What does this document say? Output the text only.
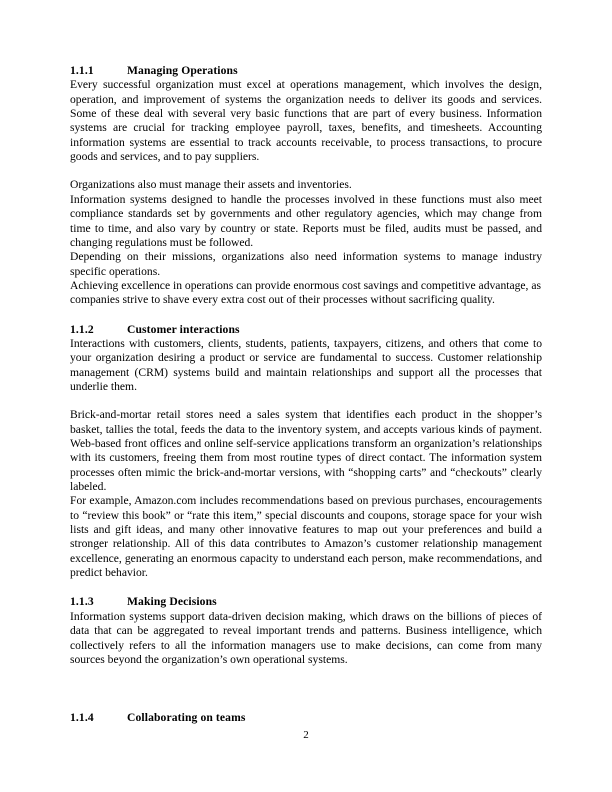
1.1.1	Managing Operations

Every successful organization must excel at operations management, which involves the design, operation, and improvement of systems the organization needs to deliver its goods and services. Some of these deal with several very basic functions that are part of every business. Information systems are crucial for tracking employee payroll, taxes, benefits, and timesheets. Accounting information systems are essential to track accounts receivable, to process transactions, to procure goods and services, and to pay suppliers.

Organizations also must manage their assets and inventories.

Information systems designed to handle the processes involved in these functions must also meet compliance standards set by governments and other regulatory agencies, which may change from time to time, and also vary by country or state. Reports must be filed, audits must be passed, and changing regulations must be followed.

Depending on their missions, organizations also need information systems to manage industry specific operations.

Achieving excellence in operations can provide enormous cost savings and competitive advantage, as companies strive to shave every extra cost out of their processes without sacrificing quality.

1.1.2	Customer interactions

Interactions with customers, clients, students, patients, taxpayers, citizens, and others that come to your organization desiring a product or service are fundamental to success. Customer relationship management (CRM) systems build and maintain relationships and support all the processes that underlie them.

Brick-and-mortar retail stores need a sales system that identifies each product in the shopper’s basket, tallies the total, feeds the data to the inventory system, and accepts various kinds of payment. Web-based front offices and online self-service applications transform an organization’s relationships with its customers, freeing them from most routine types of direct contact. The information system processes often mimic the brick-and-mortar versions, with “shopping carts” and “checkouts” clearly labeled.

For example, Amazon.com includes recommendations based on previous purchases, encouragements to “review this book” or “rate this item,” special discounts and coupons, storage space for your wish lists and gift ideas, and many other innovative features to map out your preferences and build a stronger relationship. All of this data contributes to Amazon’s customer relationship management excellence, generating an enormous capacity to understand each person, make recommendations, and predict behavior.

1.1.3	Making Decisions

Information systems support data-driven decision making, which draws on the billions of pieces of data that can be aggregated to reveal important trends and patterns. Business intelligence, which collectively refers to all the information managers use to make decisions, can come from many sources beyond the organization’s own operational systems.

1.1.4	Collaborating on teams
2
